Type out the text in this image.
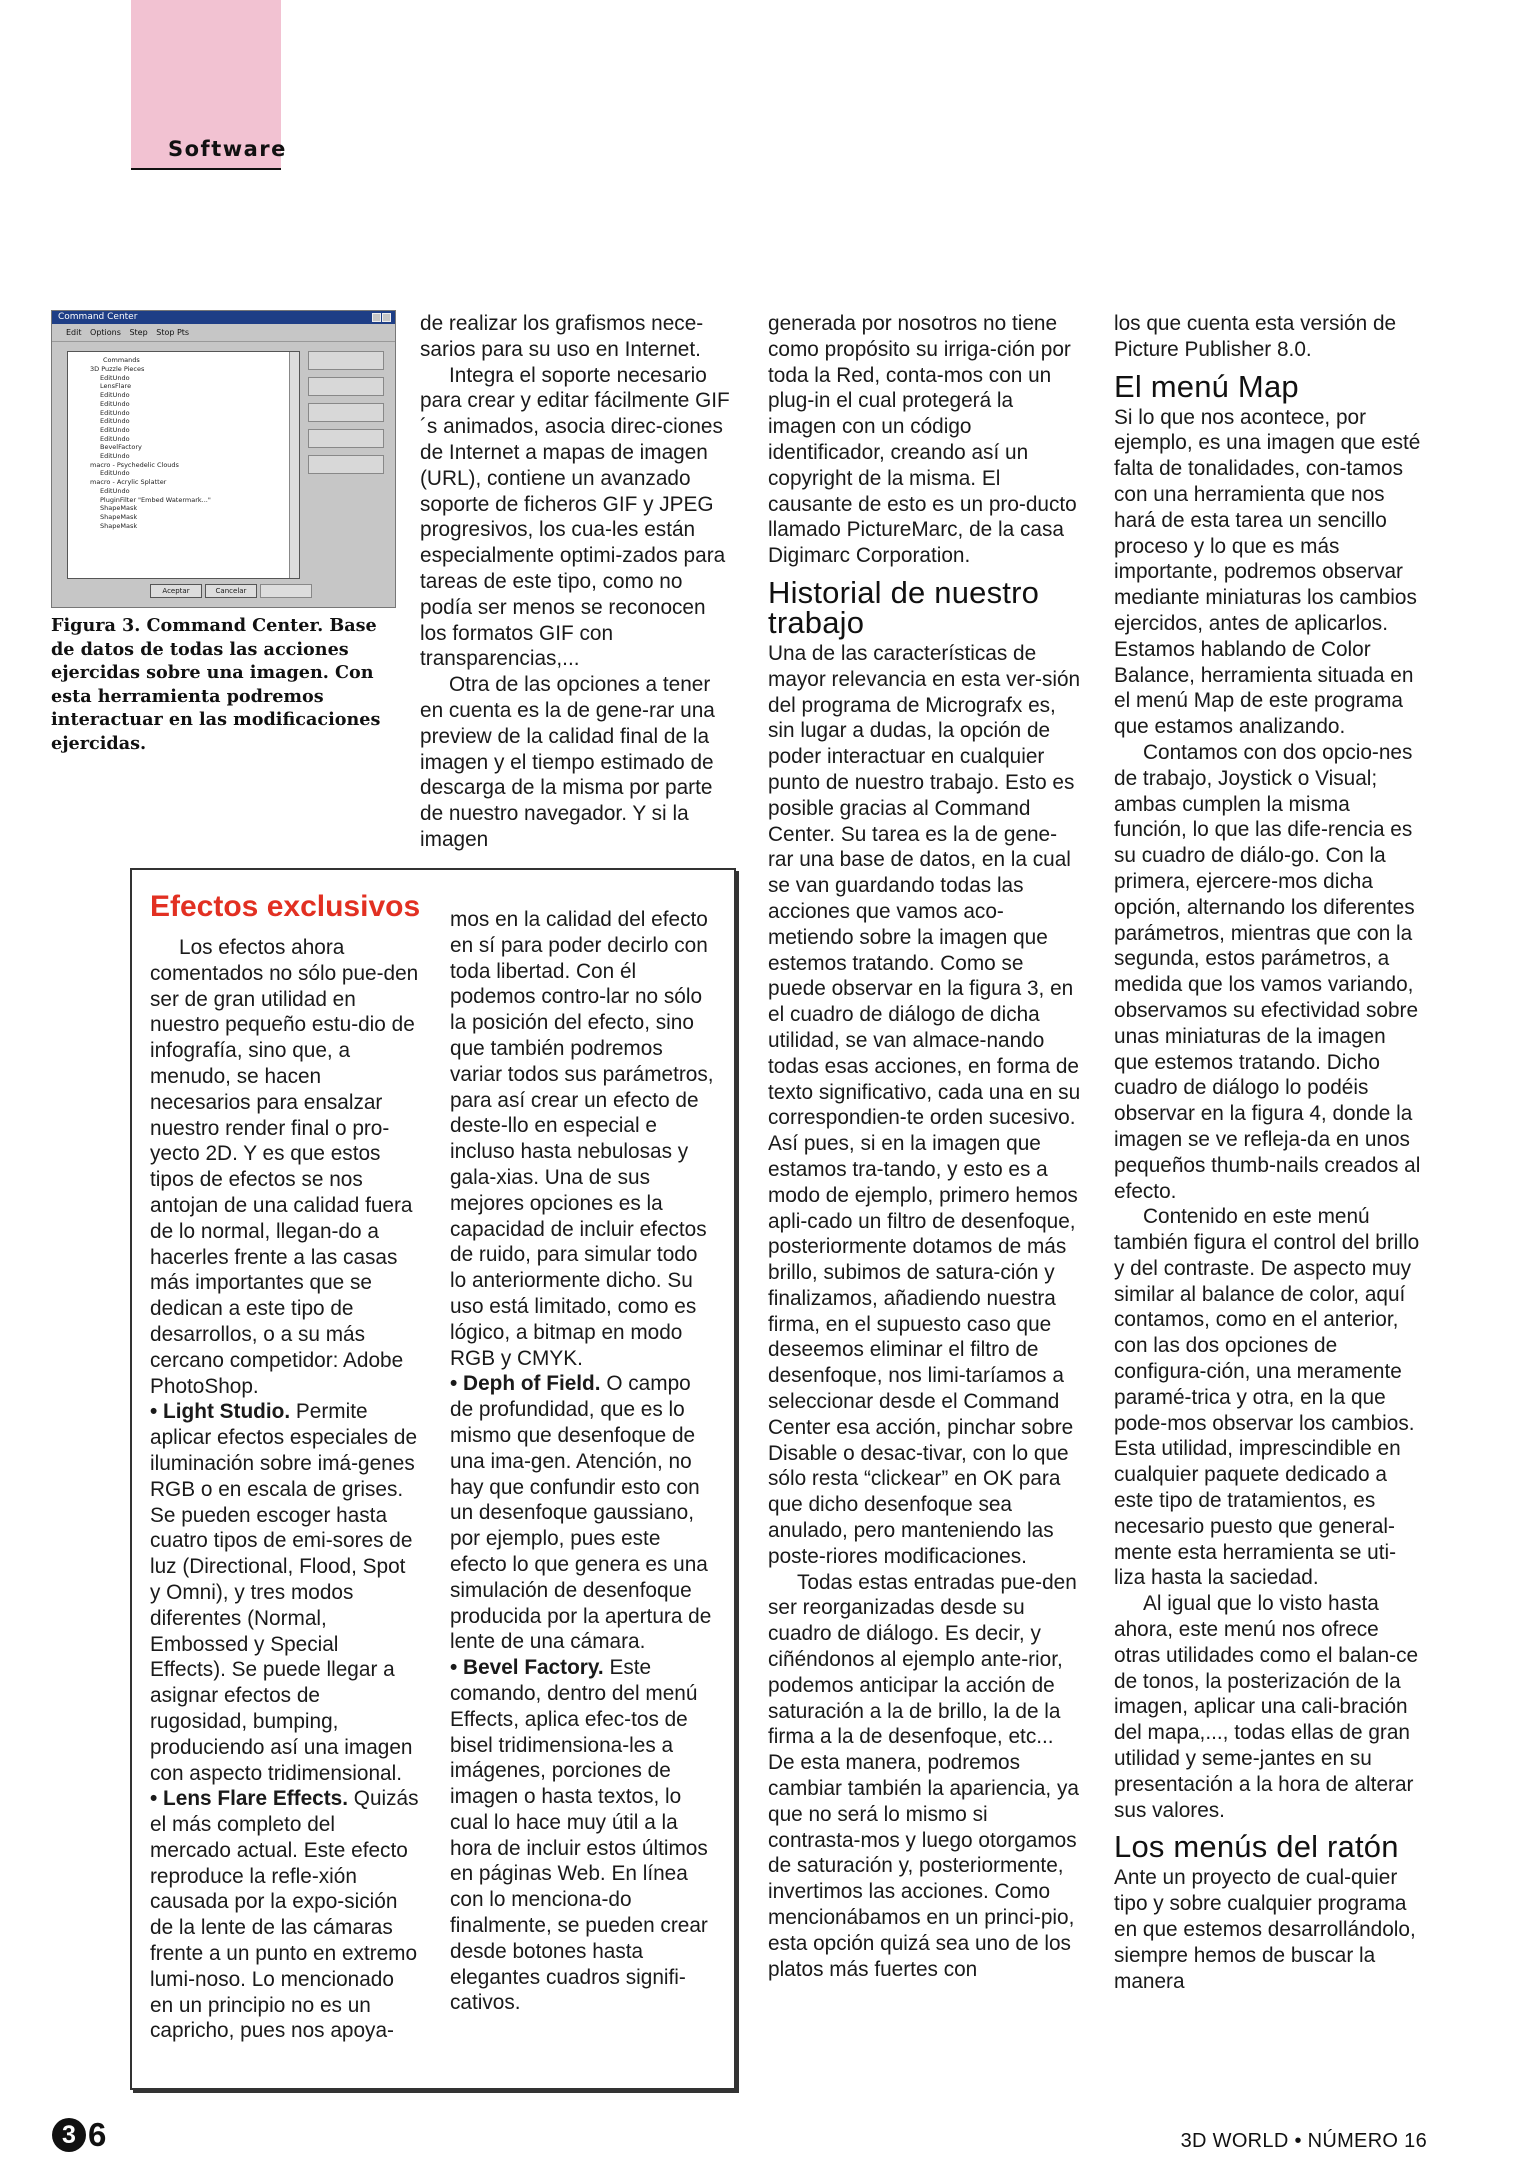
Software
Command Center
Edit Options Step Stop Pts
Commands
3D Puzzle Pieces
EditUndo
LensFlare
EditUndo
EditUndo
EditUndo
EditUndo
EditUndo
EditUndo
BevelFactory
EditUndo
macro - Psychedelic Clouds
EditUndo
macro - Acrylic Splatter
EditUndo
PluginFilter "Embed Watermark..."
ShapeMask
ShapeMask
ShapeMask
Aceptar	Cancelar
Figura 3. Command Center. Base de datos de todas las acciones ejercidas sobre una imagen. Con esta herramienta podremos interactuar en las modificaciones ejercidas.

de realizar los grafismos nece-sarios para su uso en Internet.

Integra el soporte necesario para crear y editar fácilmente GIF´s animados, asocia direc-ciones de Internet a mapas de imagen (URL), contiene un avanzado soporte de ficheros GIF y JPEG progresivos, los cua-les están especialmente optimi-zados para tareas de este tipo, como no podía ser menos se reconocen los formatos GIF con transparencias,...

Otra de las opciones a tener en cuenta es la de gene-rar una preview de la calidad final de la imagen y el tiempo estimado de descarga de la misma por parte de nuestro navegador. Y si la imagen

generada por nosotros no tiene como propósito su irriga-ción por toda la Red, conta-mos con un plug-in el cual protegerá la imagen con un código identificador, creando así un copyright de la misma. El causante de esto es un pro-ducto llamado PictureMarc, de la casa Digimarc Corporation.

Historial de nuestro trabajo

Una de las características de mayor relevancia en esta ver-sión del programa de Micrografx es, sin lugar a dudas, la opción de poder interactuar en cualquier punto de nuestro trabajo. Esto es posible gracias al Command Center. Su tarea es la de gene-rar una base de datos, en la cual se van guardando todas las acciones que vamos aco-metiendo sobre la imagen que estemos tratando. Como se puede observar en la figura 3, en el cuadro de diálogo de dicha utilidad, se van almace-nando todas esas acciones, en forma de texto significativo, cada una en su correspondien-te orden sucesivo. Así pues, si en la imagen que estamos tra-tando, y esto es a modo de ejemplo, primero hemos apli-cado un filtro de desenfoque, posteriormente dotamos de más brillo, subimos de satura-ción y finalizamos, añadiendo nuestra firma, en el supuesto caso que deseemos eliminar el filtro de desenfoque, nos limi-taríamos a seleccionar desde el Command Center esa acción, pinchar sobre Disable o desac-tivar, con lo que sólo resta “clickear” en OK para que dicho desenfoque sea anulado, pero manteniendo las poste-riores modificaciones.

Todas estas entradas pue-den ser reorganizadas desde su cuadro de diálogo. Es decir, y ciñéndonos al ejemplo ante-rior, podemos anticipar la acción de saturación a la de brillo, la de la firma a la de desenfoque, etc... De esta manera, podremos cambiar también la apariencia, ya que no será lo mismo si contrasta-mos y luego otorgamos de saturación y, posteriormente, invertimos las acciones. Como mencionábamos en un princi-pio, esta opción quizá sea uno de los platos más fuertes con

los que cuenta esta versión de Picture Publisher 8.0.

El menú Map

Si lo que nos acontece, por ejemplo, es una imagen que esté falta de tonalidades, con-tamos con una herramienta que nos hará de esta tarea un sencillo proceso y lo que es más importante, podremos observar mediante miniaturas los cambios ejercidos, antes de aplicarlos. Estamos hablando de Color Balance, herramienta situada en el menú Map de este programa que estamos analizando.

Contamos con dos opcio-nes de trabajo, Joystick o Visual; ambas cumplen la misma función, lo que las dife-rencia es su cuadro de diálo-go. Con la primera, ejercere-mos dicha opción, alternando los diferentes parámetros, mientras que con la segunda, estos parámetros, a medida que los vamos variando, observamos su efectividad sobre unas miniaturas de la imagen que estemos tratando. Dicho cuadro de diálogo lo podéis observar en la figura 4, donde la imagen se ve refleja-da en unos pequeños thumb-nails creados al efecto.

Contenido en este menú también figura el control del brillo y del contraste. De aspecto muy similar al balance de color, aquí contamos, como en el anterior, con las dos opciones de configura-ción, una meramente paramé-trica y otra, en la que pode-mos observar los cambios. Esta utilidad, imprescindible en cualquier paquete dedicado a este tipo de tratamientos, es necesario puesto que general-mente esta herramienta se uti-liza hasta la saciedad.

Al igual que lo visto hasta ahora, este menú nos ofrece otras utilidades como el balan-ce de tonos, la posterización de la imagen, aplicar una cali-bración del mapa,..., todas ellas de gran utilidad y seme-jantes en su presentación a la hora de alterar sus valores.

Los menús del ratón

Ante un proyecto de cual-quier tipo y sobre cualquier programa en que estemos desarrollándolo, siempre hemos de buscar la manera

Efectos exclusivos

Los efectos ahora comentados no sólo pue-den ser de gran utilidad en nuestro pequeño estu-dio de infografía, sino que, a menudo, se hacen necesarios para ensalzar nuestro render final o pro-yecto 2D. Y es que estos tipos de efectos se nos antojan de una calidad fuera de lo normal, llegan-do a hacerles frente a las casas más importantes que se dedican a este tipo de desarrollos, o a su más cercano competidor: Adobe PhotoShop.

• Light Studio. Permite aplicar efectos especiales de iluminación sobre imá-genes RGB o en escala de grises. Se pueden escoger hasta cuatro tipos de emi-sores de luz (Directional, Flood, Spot y Omni), y tres modos diferentes (Normal, Embossed y Special Effects). Se puede llegar a asignar efectos de rugosidad, bumping, produciendo así una imagen con aspecto tridimensional.

• Lens Flare Effects. Quizás el más completo del mercado actual. Este efecto reproduce la refle-xión causada por la expo-sición de la lente de las cámaras frente a un punto en extremo lumi-noso. Lo mencionado en un principio no es un capricho, pues nos apoya-

mos en la calidad del efecto en sí para poder decirlo con toda libertad. Con él podemos contro-lar no sólo la posición del efecto, sino que también podremos variar todos sus parámetros, para así crear un efecto de deste-llo en especial e incluso hasta nebulosas y gala-xias. Una de sus mejores opciones es la capacidad de incluir efectos de ruido, para simular todo lo anteriormente dicho. Su uso está limitado, como es lógico, a bitmap en modo RGB y CMYK.

• Deph of Field. O campo de profundidad, que es lo mismo que desenfoque de una ima-gen. Atención, no hay que confundir esto con un desenfoque gaussiano, por ejemplo, pues este efecto lo que genera es una simulación de desenfoque producida por la apertura de lente de una cámara.

• Bevel Factory. Este comando, dentro del menú Effects, aplica efec-tos de bisel tridimensiona-les a imágenes, porciones de imagen o hasta textos, lo cual lo hace muy útil a la hora de incluir estos últimos en páginas Web. En línea con lo menciona-do finalmente, se pueden crear desde botones hasta elegantes cuadros signifi-cativos.

3 6	3D WORLD • NÚMERO 16
